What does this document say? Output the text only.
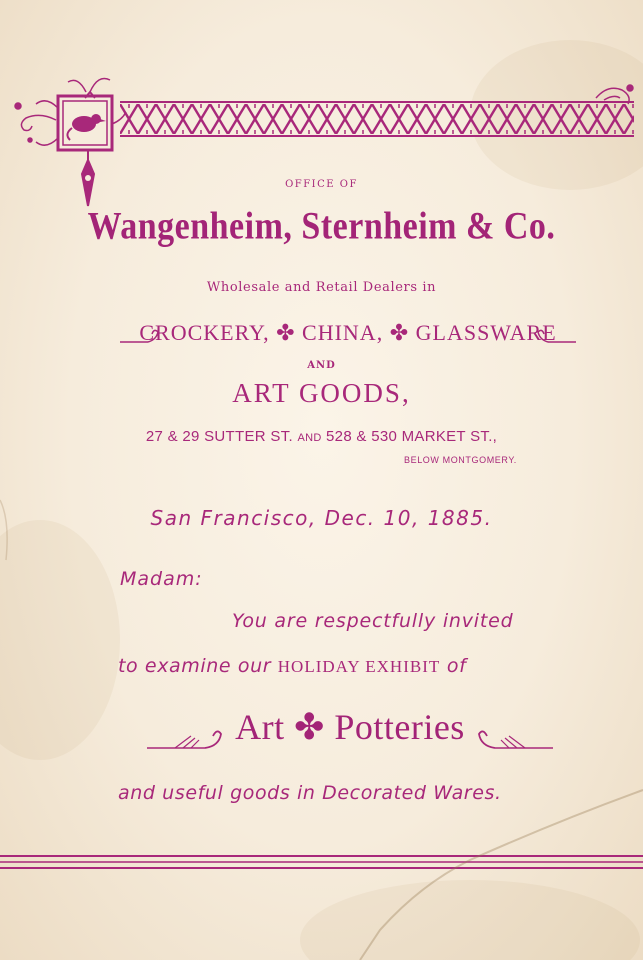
OFFICE OF

Wangenheim, Sternheim & Co.

Wholesale and Retail Dealers in

CROCKERY, ✤ CHINA, ✤ GLASSWARE

AND

ART GOODS,

27 & 29 SUTTER ST. AND 528 & 530 MARKET ST.,

BELOW MONTGOMERY.

San Francisco, Dec. 10, 1885.

Madam:
You are respectfully invited
to examine our HOLIDAY EXHIBIT of
Art ✤ Potteries
and useful goods in Decorated Wares.
